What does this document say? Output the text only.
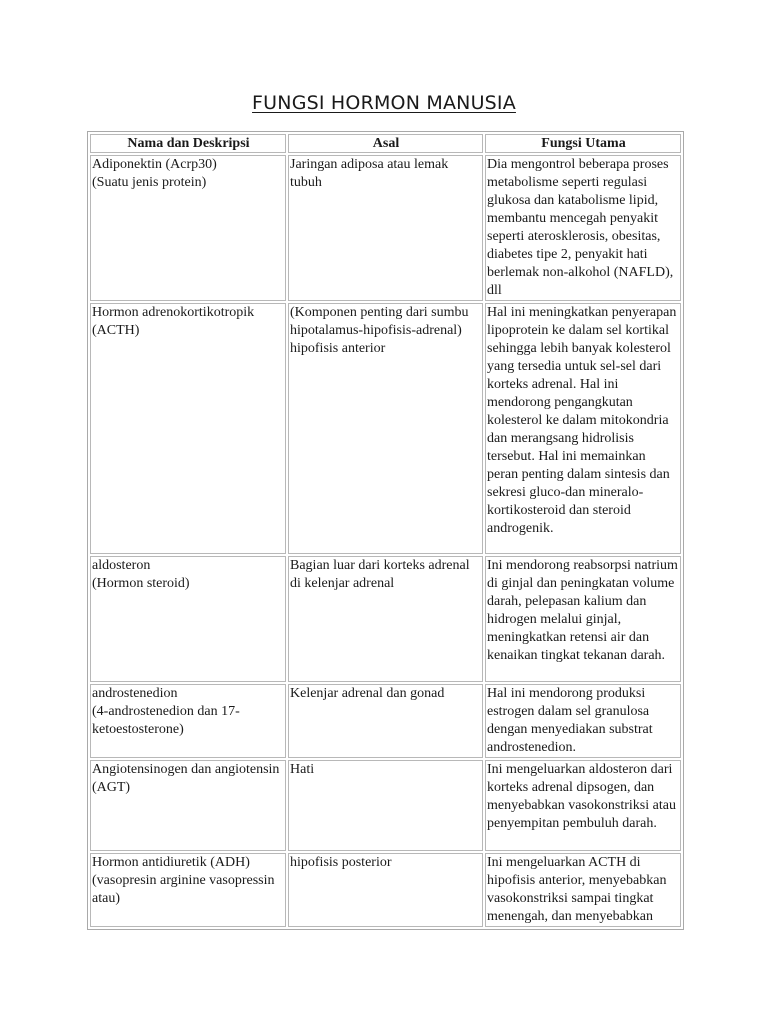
FUNGSI HORMON MANUSIA
Nama dan Deskripsi	Asal	Fungsi Utama

Adiponektin (Acrp30)
(Suatu jenis protein)	Jaringan adiposa atau lemak tubuh	Dia mengontrol beberapa proses metabolisme seperti regulasi glukosa dan katabolisme lipid, membantu mencegah penyakit seperti aterosklerosis, obesitas, diabetes tipe 2, penyakit hati berlemak non-alkohol (NAFLD), dll

Hormon adrenokortikotropik (ACTH)	(Komponen penting dari sumbu hipotalamus-hipofisis-adrenal) hipofisis anterior	Hal ini meningkatkan penyerapan lipoprotein ke dalam sel kortikal sehingga lebih banyak kolesterol yang tersedia untuk sel-sel dari korteks adrenal. Hal ini mendorong pengangkutan kolesterol ke dalam mitokondria dan merangsang hidrolisis tersebut. Hal ini memainkan peran penting dalam sintesis dan sekresi gluco-dan mineralo-kortikosteroid dan steroid androgenik.

aldosteron
(Hormon steroid)	Bagian luar dari korteks adrenal di kelenjar adrenal	Ini mendorong reabsorpsi natrium di ginjal dan peningkatan volume darah, pelepasan kalium dan hidrogen melalui ginjal, meningkatkan retensi air dan kenaikan tingkat tekanan darah.

androstenedion
(4-androstenedion dan 17-ketoestosterone)	Kelenjar adrenal dan gonad	Hal ini mendorong produksi estrogen dalam sel granulosa dengan menyediakan substrat androstenedion.

Angiotensinogen dan angiotensin
(AGT)	Hati	Ini mengeluarkan aldosteron dari korteks adrenal dipsogen, dan menyebabkan vasokonstriksi atau penyempitan pembuluh darah.

Hormon antidiuretik (ADH)
(vasopresin arginine vasopressin atau)	hipofisis posterior	Ini mengeluarkan ACTH di hipofisis anterior, menyebabkan vasokonstriksi sampai tingkat menengah, dan menyebabkan
